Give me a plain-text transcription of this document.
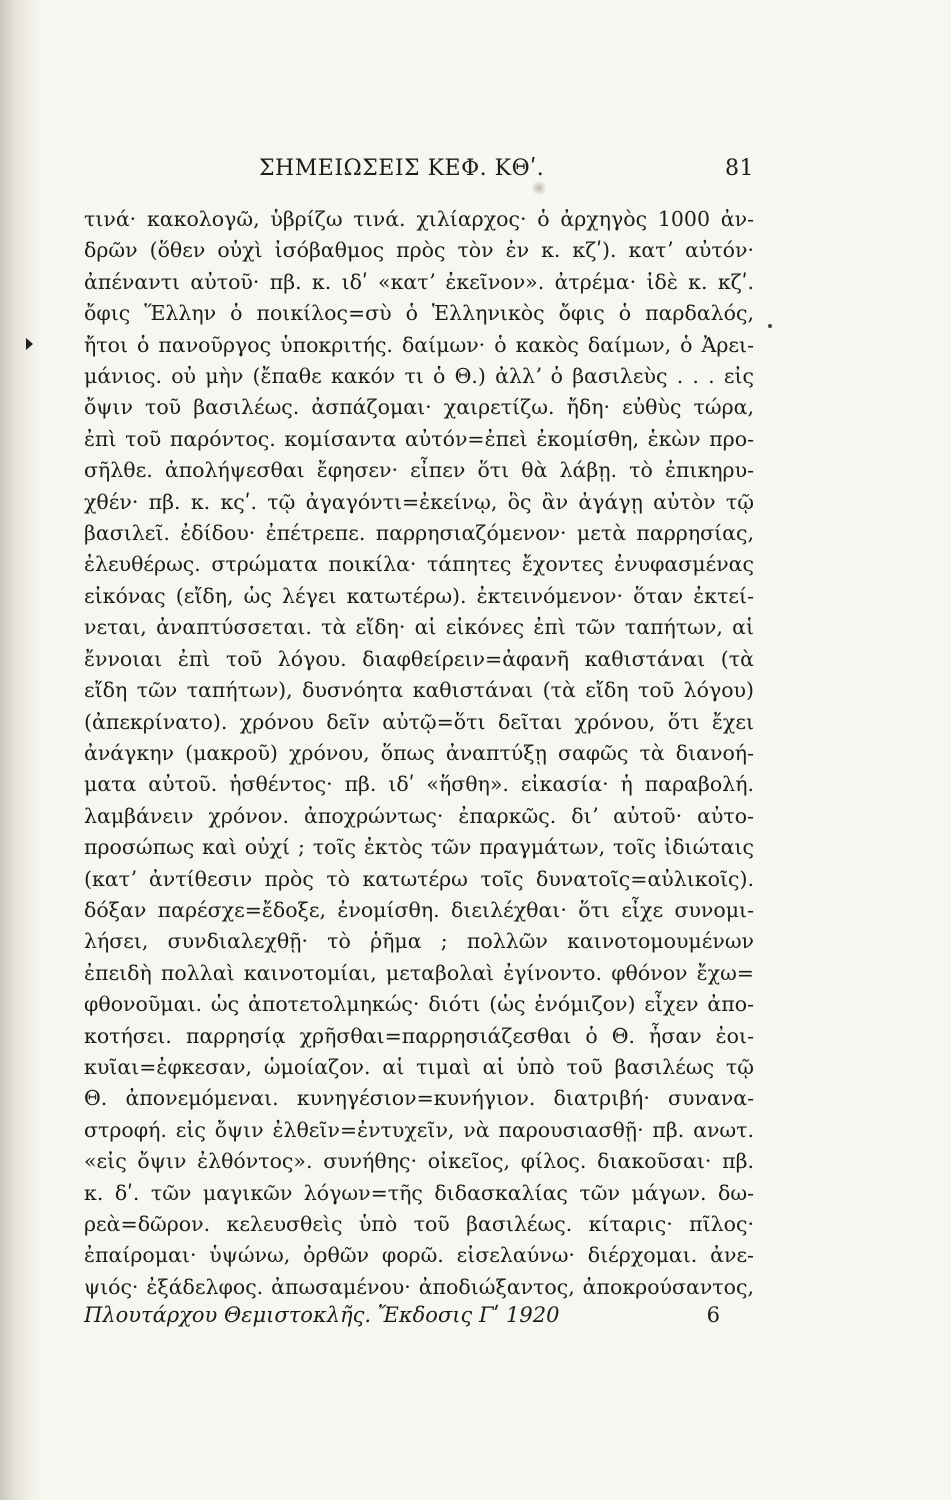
ΣΗΜΕΙΩΣΕΙΣ ΚΕΦ. ΚΘʹ.	81
τινά· κακολογῶ, ὑβρίζω τινά. χιλίαρχος· ὁ ἀρχηγὸς 1000 ἀν-
δρῶν (ὅθεν οὐχὶ ἰσόβαθμος πρὸς τὸν ἐν κ. κζʹ). κατʼ αὐτόν·
ἀπέναντι αὐτοῦ· πβ. κ. ιδʹ «κατʼ ἐκεῖνον». ἀτρέμα· ἰδὲ κ. κζʹ.
ὄφις Ἕλλην ὁ ποικίλος=σὺ ὁ Ἑλληνικὸς ὄφις ὁ παρδαλός,
ἤτοι ὁ πανοῦργος ὑποκριτής. δαίμων· ὁ κακὸς δαίμων, ὁ Ἀρει-
μάνιος. οὐ μὴν (ἔπαθε κακόν τι ὁ Θ.) ἀλλʼ ὁ βασιλεὺς . . . εἰς
ὄψιν τοῦ βασιλέως. ἀσπάζομαι· χαιρετίζω. ἤδη· εὐθὺς τώρα,
ἐπὶ τοῦ παρόντος. κομίσαντα αὐτόν=ἐπεὶ ἐκομίσθη, ἑκὼν προ-
σῆλθε. ἀπολήψεσθαι ἔφησεν· εἶπεν ὅτι θὰ λάβῃ. τὸ ἐπικηρυ-
χθέν· πβ. κ. κςʹ. τῷ ἀγαγόντι=ἐκείνῳ, ὃς ἂν ἀγάγῃ αὐτὸν τῷ
βασιλεῖ. ἐδίδου· ἐπέτρεπε. παρρησιαζόμενον· μετὰ παρρησίας,
ἐλευθέρως. στρώματα ποικίλα· τάπητες ἔχοντες ἐνυφασμένας
εἰκόνας (εἴδη, ὡς λέγει κατωτέρω). ἐκτεινόμενον· ὅταν ἐκτεί-
νεται, ἀναπτύσσεται. τὰ εἴδη· αἱ εἰκόνες ἐπὶ τῶν ταπήτων, αἱ
ἔννοιαι ἐπὶ τοῦ λόγου. διαφθείρειν=ἀφανῆ καθιστάναι (τὰ
εἴδη τῶν ταπήτων), δυσνόητα καθιστάναι (τὰ εἴδη τοῦ λόγου)
(ἀπεκρίνατο). χρόνου δεῖν αὐτῷ=ὅτι δεῖται χρόνου, ὅτι ἔχει
ἀνάγκην (μακροῦ) χρόνου, ὅπως ἀναπτύξῃ σαφῶς τὰ διανοή-
ματα αὐτοῦ. ἡσθέντος· πβ. ιδʹ «ἥσθη». εἰκασία· ἡ παραβολή.
λαμβάνειν χρόνον. ἀποχρώντως· ἐπαρκῶς. διʼ αὐτοῦ· αὐτο-
προσώπως καὶ οὐχί ; τοῖς ἐκτὸς τῶν πραγμάτων, τοῖς ἰδιώταις
(κατʼ ἀντίθεσιν πρὸς τὸ κατωτέρω τοῖς δυνατοῖς=αὐλικοῖς).
δόξαν παρέσχε=ἔδοξε, ἐνομίσθη. διειλέχθαι· ὅτι εἶχε συνομι-
λήσει, συνδιαλεχθῇ· τὸ ῥῆμα ; πολλῶν καινοτομουμένων
ἐπειδὴ πολλαὶ καινοτομίαι, μεταβολαὶ ἐγίνοντο. φθόνον ἔχω=
φθονοῦμαι. ὡς ἀποτετολμηκώς· διότι (ὡς ἐνόμιζον) εἶχεν ἀπο-
κοτήσει. παρρησίᾳ χρῆσθαι=παρρησιάζεσθαι ὁ Θ. ἦσαν ἐοι-
κυῖαι=ἐφκεσαν, ὡμοίαζον. αἱ τιμαὶ αἱ ὑπὸ τοῦ βασιλέως τῷ
Θ. ἀπονεμόμεναι. κυνηγέσιον=κυνήγιον. διατριβή· συνανα-
στροφή. εἰς ὄψιν ἐλθεῖν=ἐντυχεῖν, νὰ παρουσιασθῇ· πβ. ανωτ.
«εἰς ὄψιν ἐλθόντος». συνήθης· οἰκεῖος, φίλος. διακοῦσαι· πβ.
κ. δʹ. τῶν μαγικῶν λόγων=τῆς διδασκαλίας τῶν μάγων. δω-
ρεὰ=δῶρον. κελευσθεὶς ὑπὸ τοῦ βασιλέως. κίταρις· πῖλος·
ἐπαίρομαι· ὑψώνω, ὀρθῶν φορῶ. εἰσελαύνω· διέρχομαι. ἀνε-
ψιός· ἐξάδελφος. ἀπωσαμένου· ἀποδιώξαντος, ἀποκρούσαντος,
Πλουτάρχου Θεμιστοκλῆς. Ἔκδοσις Γʹ 1920	6
